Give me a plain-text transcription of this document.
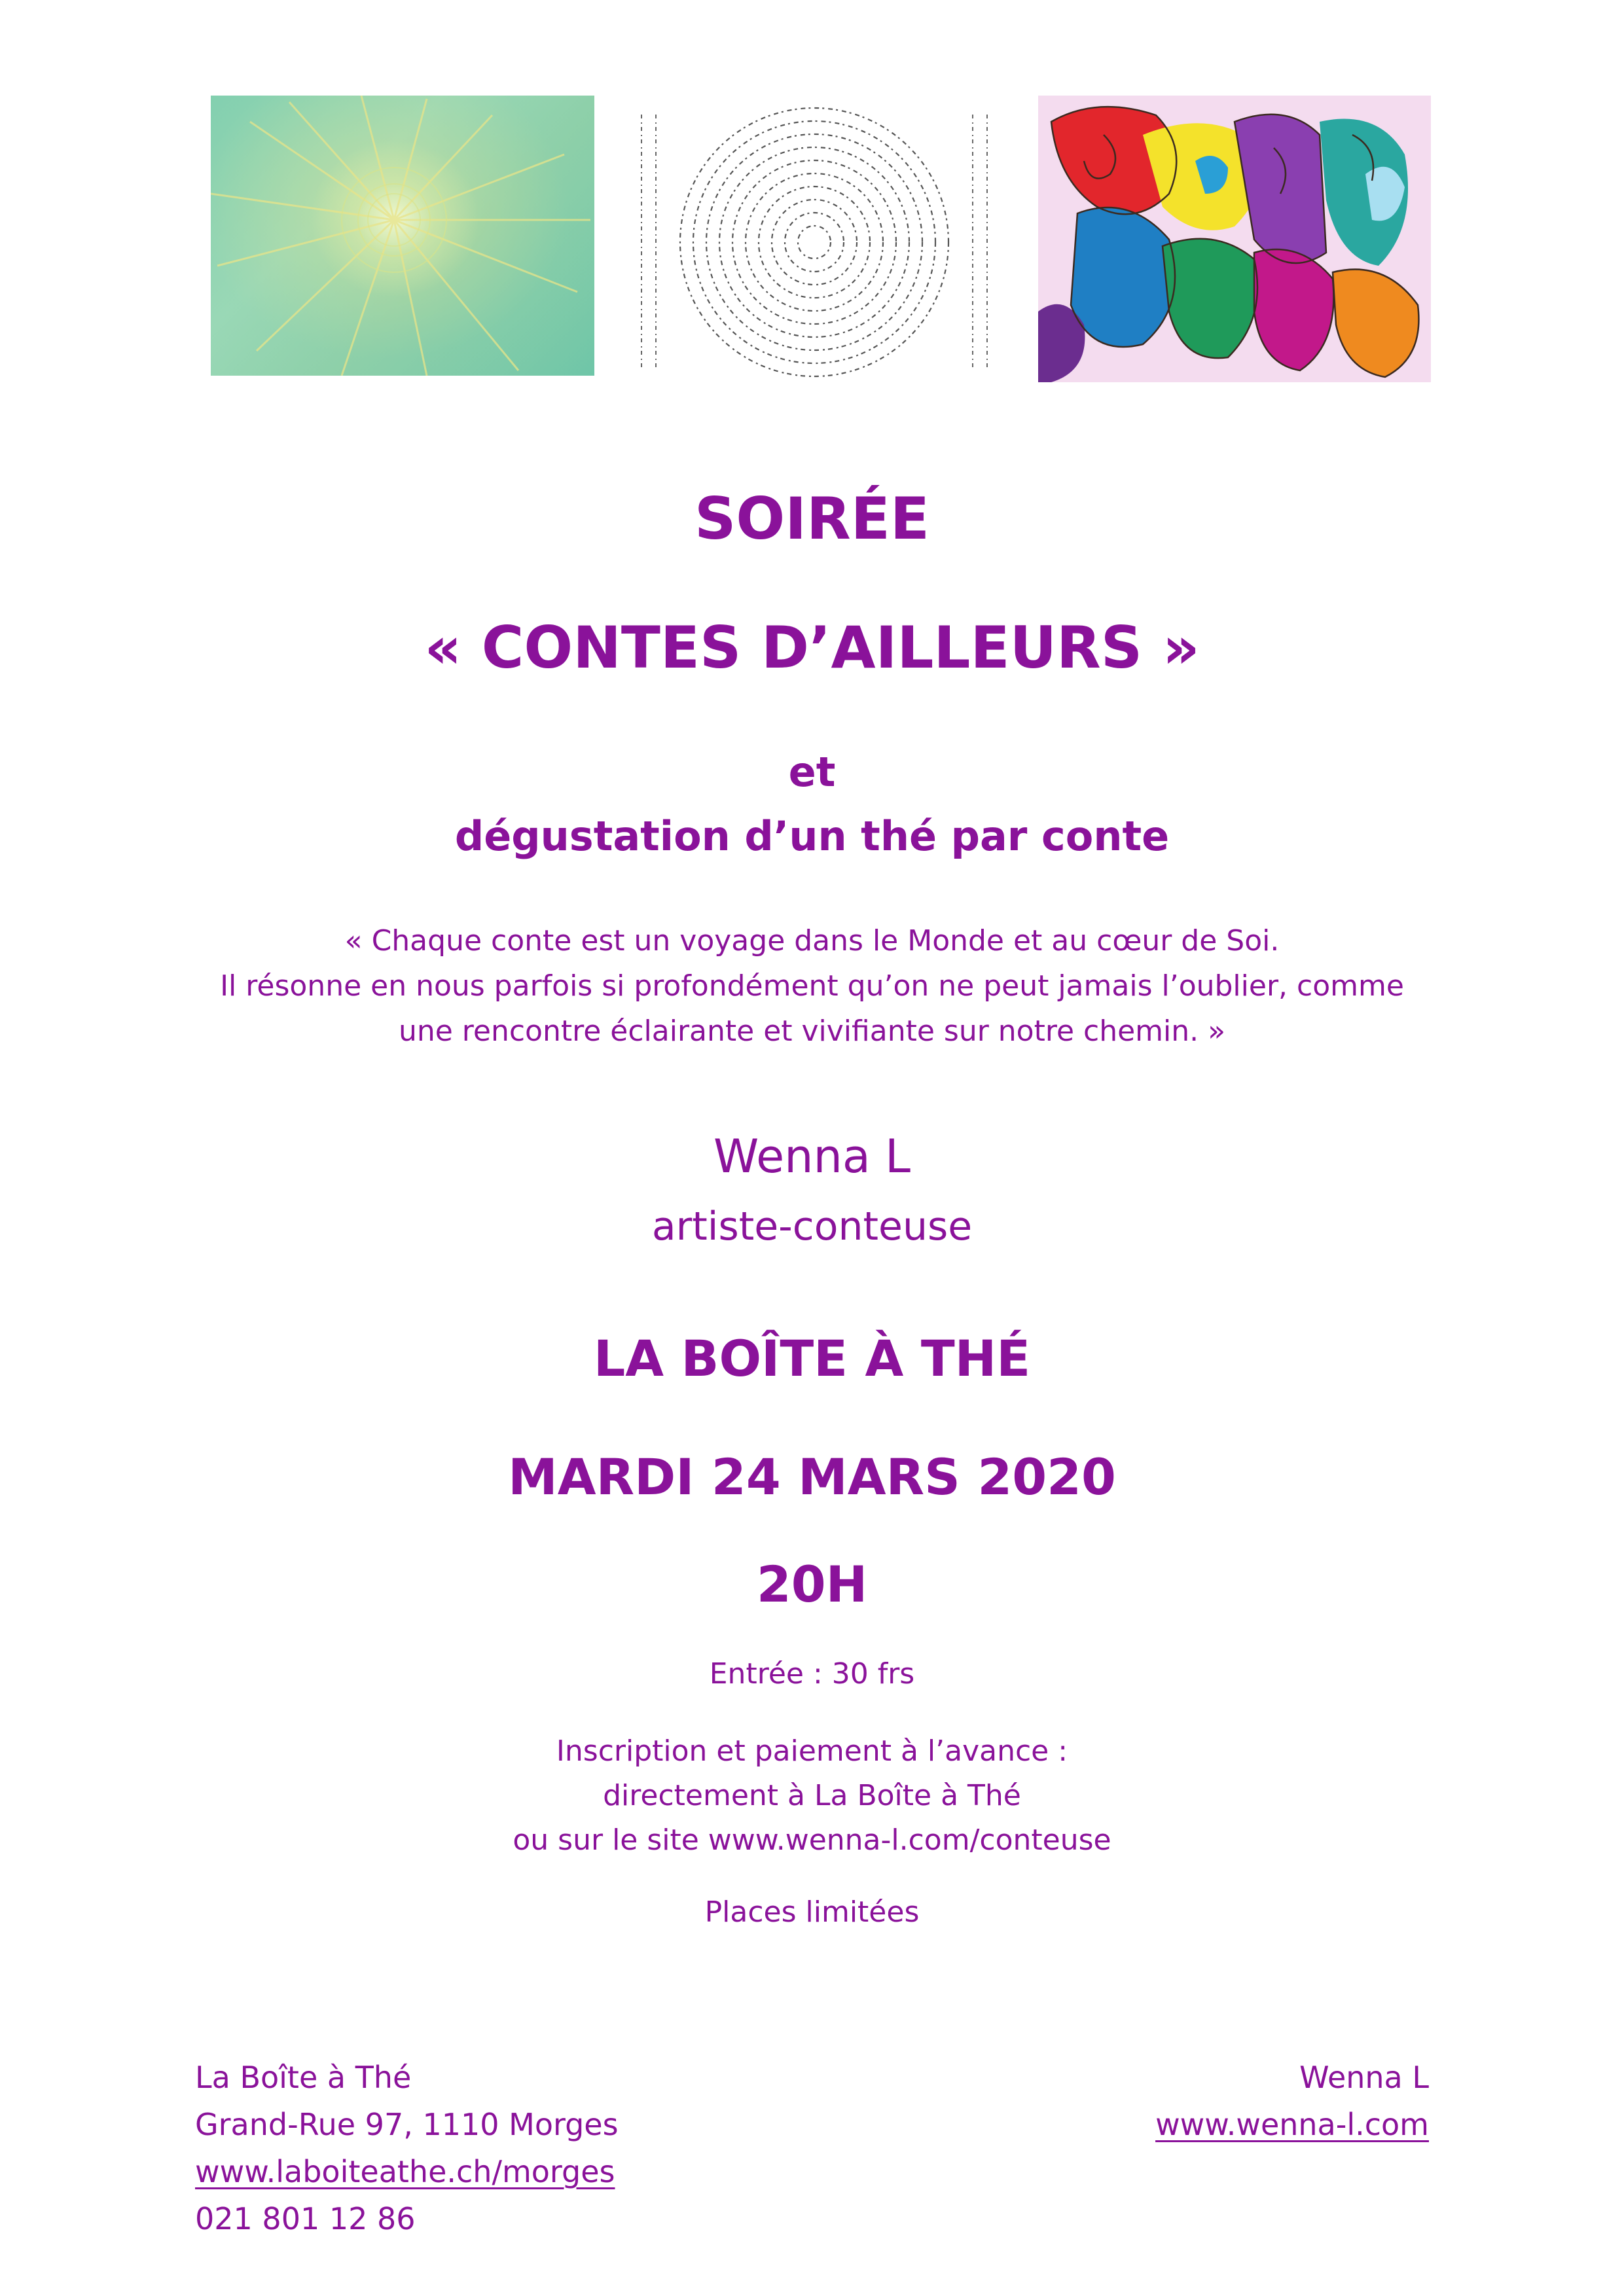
SOIRÉE
« CONTES D’AILLEURS »
et
dégustation d’un thé par conte
« Chaque conte est un voyage dans le Monde et au cœur de Soi.
Il résonne en nous parfois si profondément qu’on ne peut jamais l’oublier, comme
une rencontre éclairante et vivifiante sur notre chemin. »
Wenna L
artiste-conteuse
LA BOÎTE À THÉ
MARDI 24 MARS 2020
20H
Entrée : 30 frs
Inscription et paiement à l’avance :
directement à La Boîte à Thé
ou sur le site www.wenna-l.com/conteuse
Places limitées
La Boîte à Thé
Grand-Rue 97, 1110 Morges
www.laboiteathe.ch/morges
021 801 12 86
Wenna L
www.wenna-l.com
